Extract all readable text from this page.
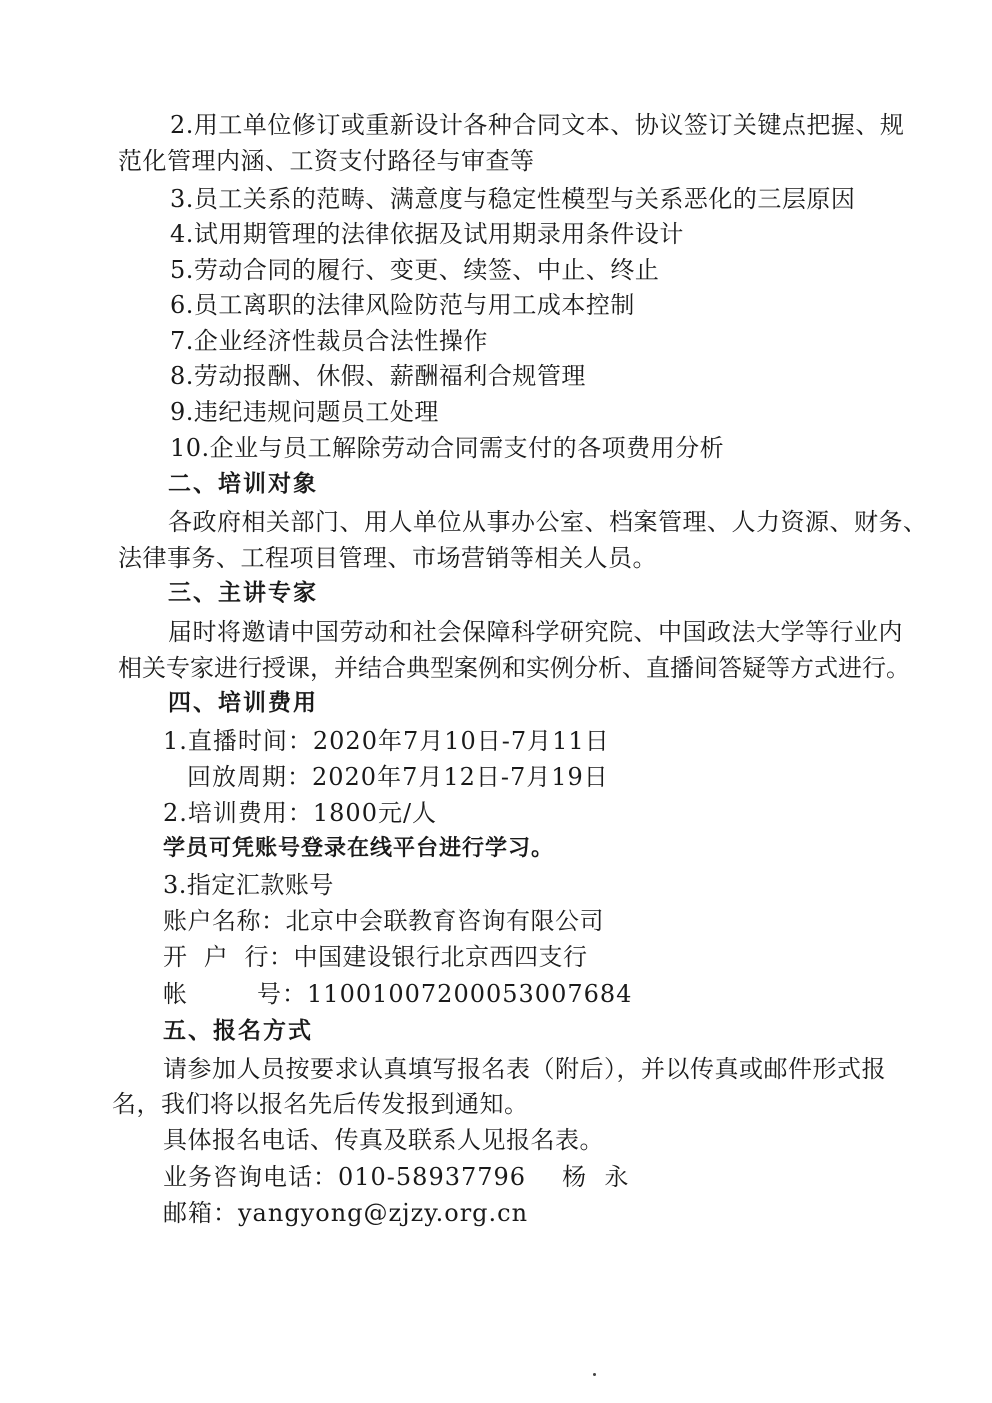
2.用工单位修订或重新设计各种合同文本、协议签订关键点把握、规
范化管理内涵、工资支付路径与审查等
3.员工关系的范畴、满意度与稳定性模型与关系恶化的三层原因
4.试用期管理的法律依据及试用期录用条件设计
5.劳动合同的履行、变更、续签、中止、终止
6.员工离职的法律风险防范与用工成本控制
7.企业经济性裁员合法性操作
8.劳动报酬、休假、薪酬福利合规管理
9.违纪违规问题员工处理
10.企业与员工解除劳动合同需支付的各项费用分析
二、培训对象
各政府相关部门、用人单位从事办公室、档案管理、人力资源、财务、
法律事务、工程项目管理、市场营销等相关人员。
三、主讲专家
届时将邀请中国劳动和社会保障科学研究院、中国政法大学等行业内
相关专家进行授课，并结合典型案例和实例分析、直播间答疑等方式进行。
四、培训费用
1.直播时间：2020年7月10日-7月11日
回放周期：2020年7月12日-7月19日
2.培训费用：1800元/人
学员可凭账号登录在线平台进行学习。
3.指定汇款账号
账户名称：北京中会联教育咨询有限公司
开  户  行：中国建设银行北京西四支行
帐        号：11001007200053007684
五、报名方式
请参加人员按要求认真填写报名表（附后），并以传真或邮件形式报
名，我们将以报名先后传发报到通知。
具体报名电话、传真及联系人见报名表。
业务咨询电话：010-58937796 杨  永
邮箱：yangyong@zjzy.org.cn
